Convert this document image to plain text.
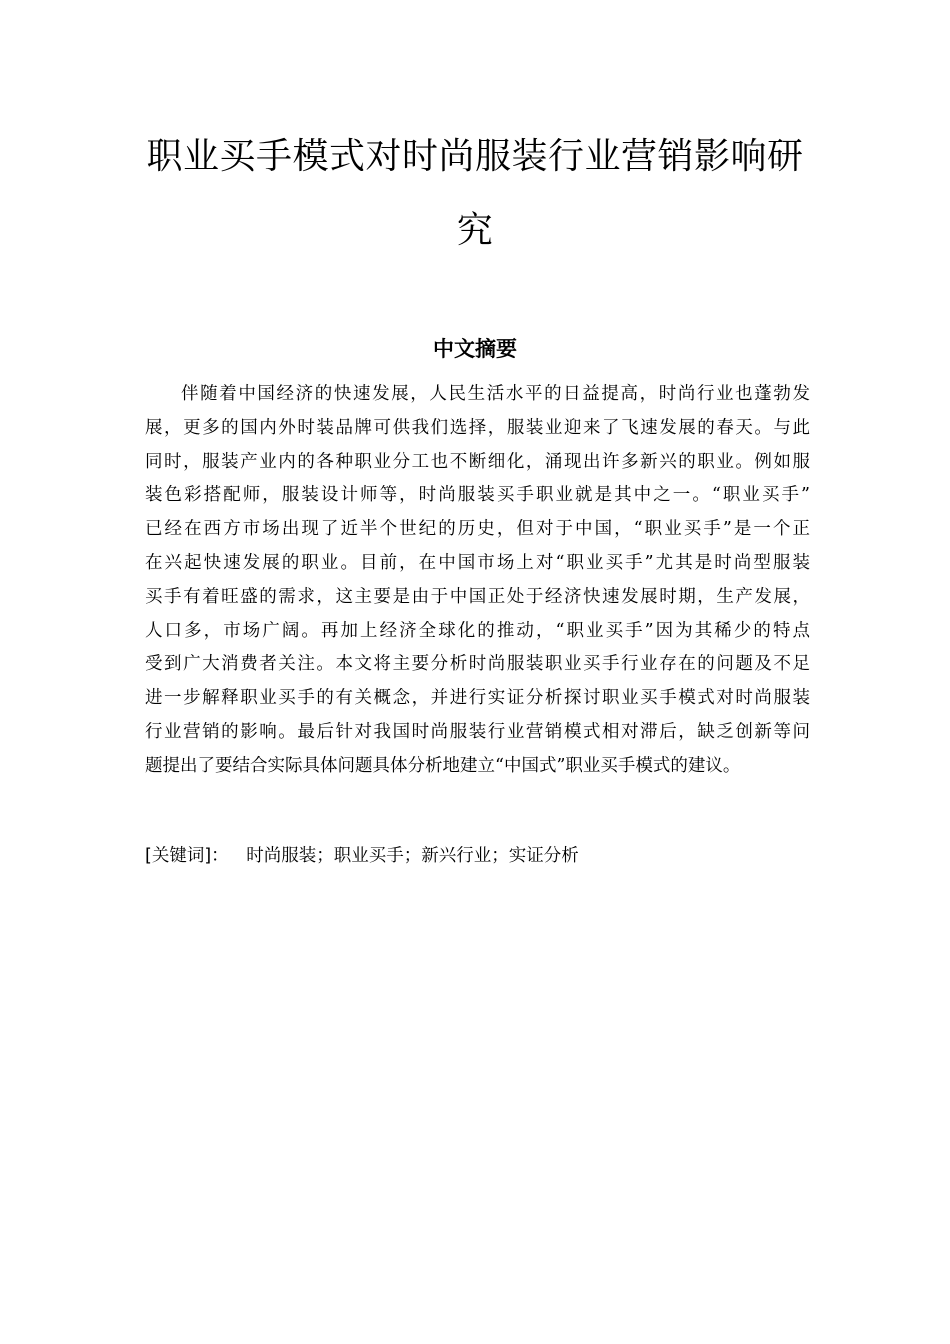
职业买手模式对时尚服装行业营销影响研
究
中文摘要
伴随着中国经济的快速发展，人民生活水平的日益提高，时尚行业也蓬勃发
展，更多的国内外时装品牌可供我们选择，服装业迎来了飞速发展的春天。与此
同时，服装产业内的各种职业分工也不断细化，涌现出许多新兴的职业。例如服
装色彩搭配师，服装设计师等，时尚服装买手职业就是其中之一。“职业买手”
已经在西方市场出现了近半个世纪的历史，但对于中国，“职业买手”是一个正
在兴起快速发展的职业。目前，在中国市场上对“职业买手”尤其是时尚型服装
买手有着旺盛的需求，这主要是由于中国正处于经济快速发展时期，生产发展，
人口多，市场广阔。再加上经济全球化的推动，“职业买手”因为其稀少的特点
受到广大消费者关注。本文将主要分析时尚服装职业买手行业存在的问题及不足
进一步解释职业买手的有关概念，并进行实证分析探讨职业买手模式对时尚服装
行业营销的影响。最后针对我国时尚服装行业营销模式相对滞后，缺乏创新等问
题提出了要结合实际具体问题具体分析地建立“中国式”职业买手模式的建议。
[关键词]： 时尚服装；职业买手；新兴行业；实证分析
